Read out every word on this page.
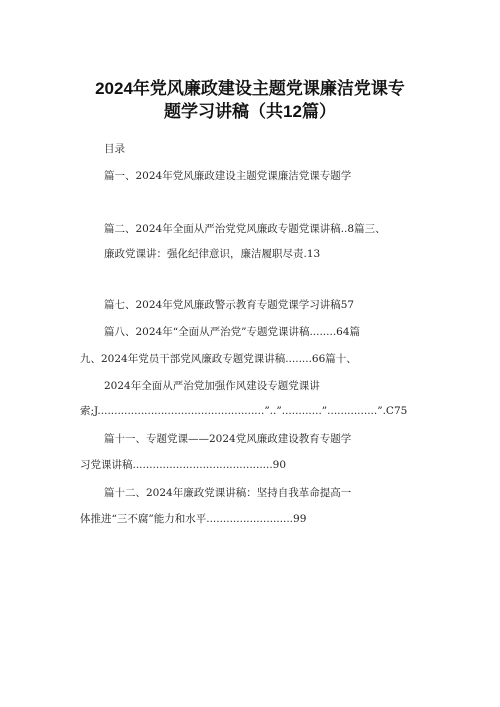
2024年党风廉政建设主题党课廉洁党课专
题学习讲稿（共12篇）
目录
篇一、2024年党风廉政建设主题党课廉洁党课专题学
篇二、2024年全面从严治党党风廉政专题党课讲稿..8篇三、
廉政党课讲：强化纪律意识，廉洁履职尽责.13
篇七、2024年党风廉政警示教育专题党课学习讲稿57
篇八、2024年“全面从严治党”专题党课讲稿........64篇
九、2024年党员干部党风廉政专题党课讲稿........66篇十、
2024年全面从严治党加强作风建设专题党课讲
索;J..................................................”..”............”...............”.C75
篇十一、专题党课——2024党风廉政建设教育专题学
习党课讲稿..........................................90
篇十二、2024年廉政党课讲稿：坚持自我革命提高一
体推进“三不腐”能力和水平..........................99
